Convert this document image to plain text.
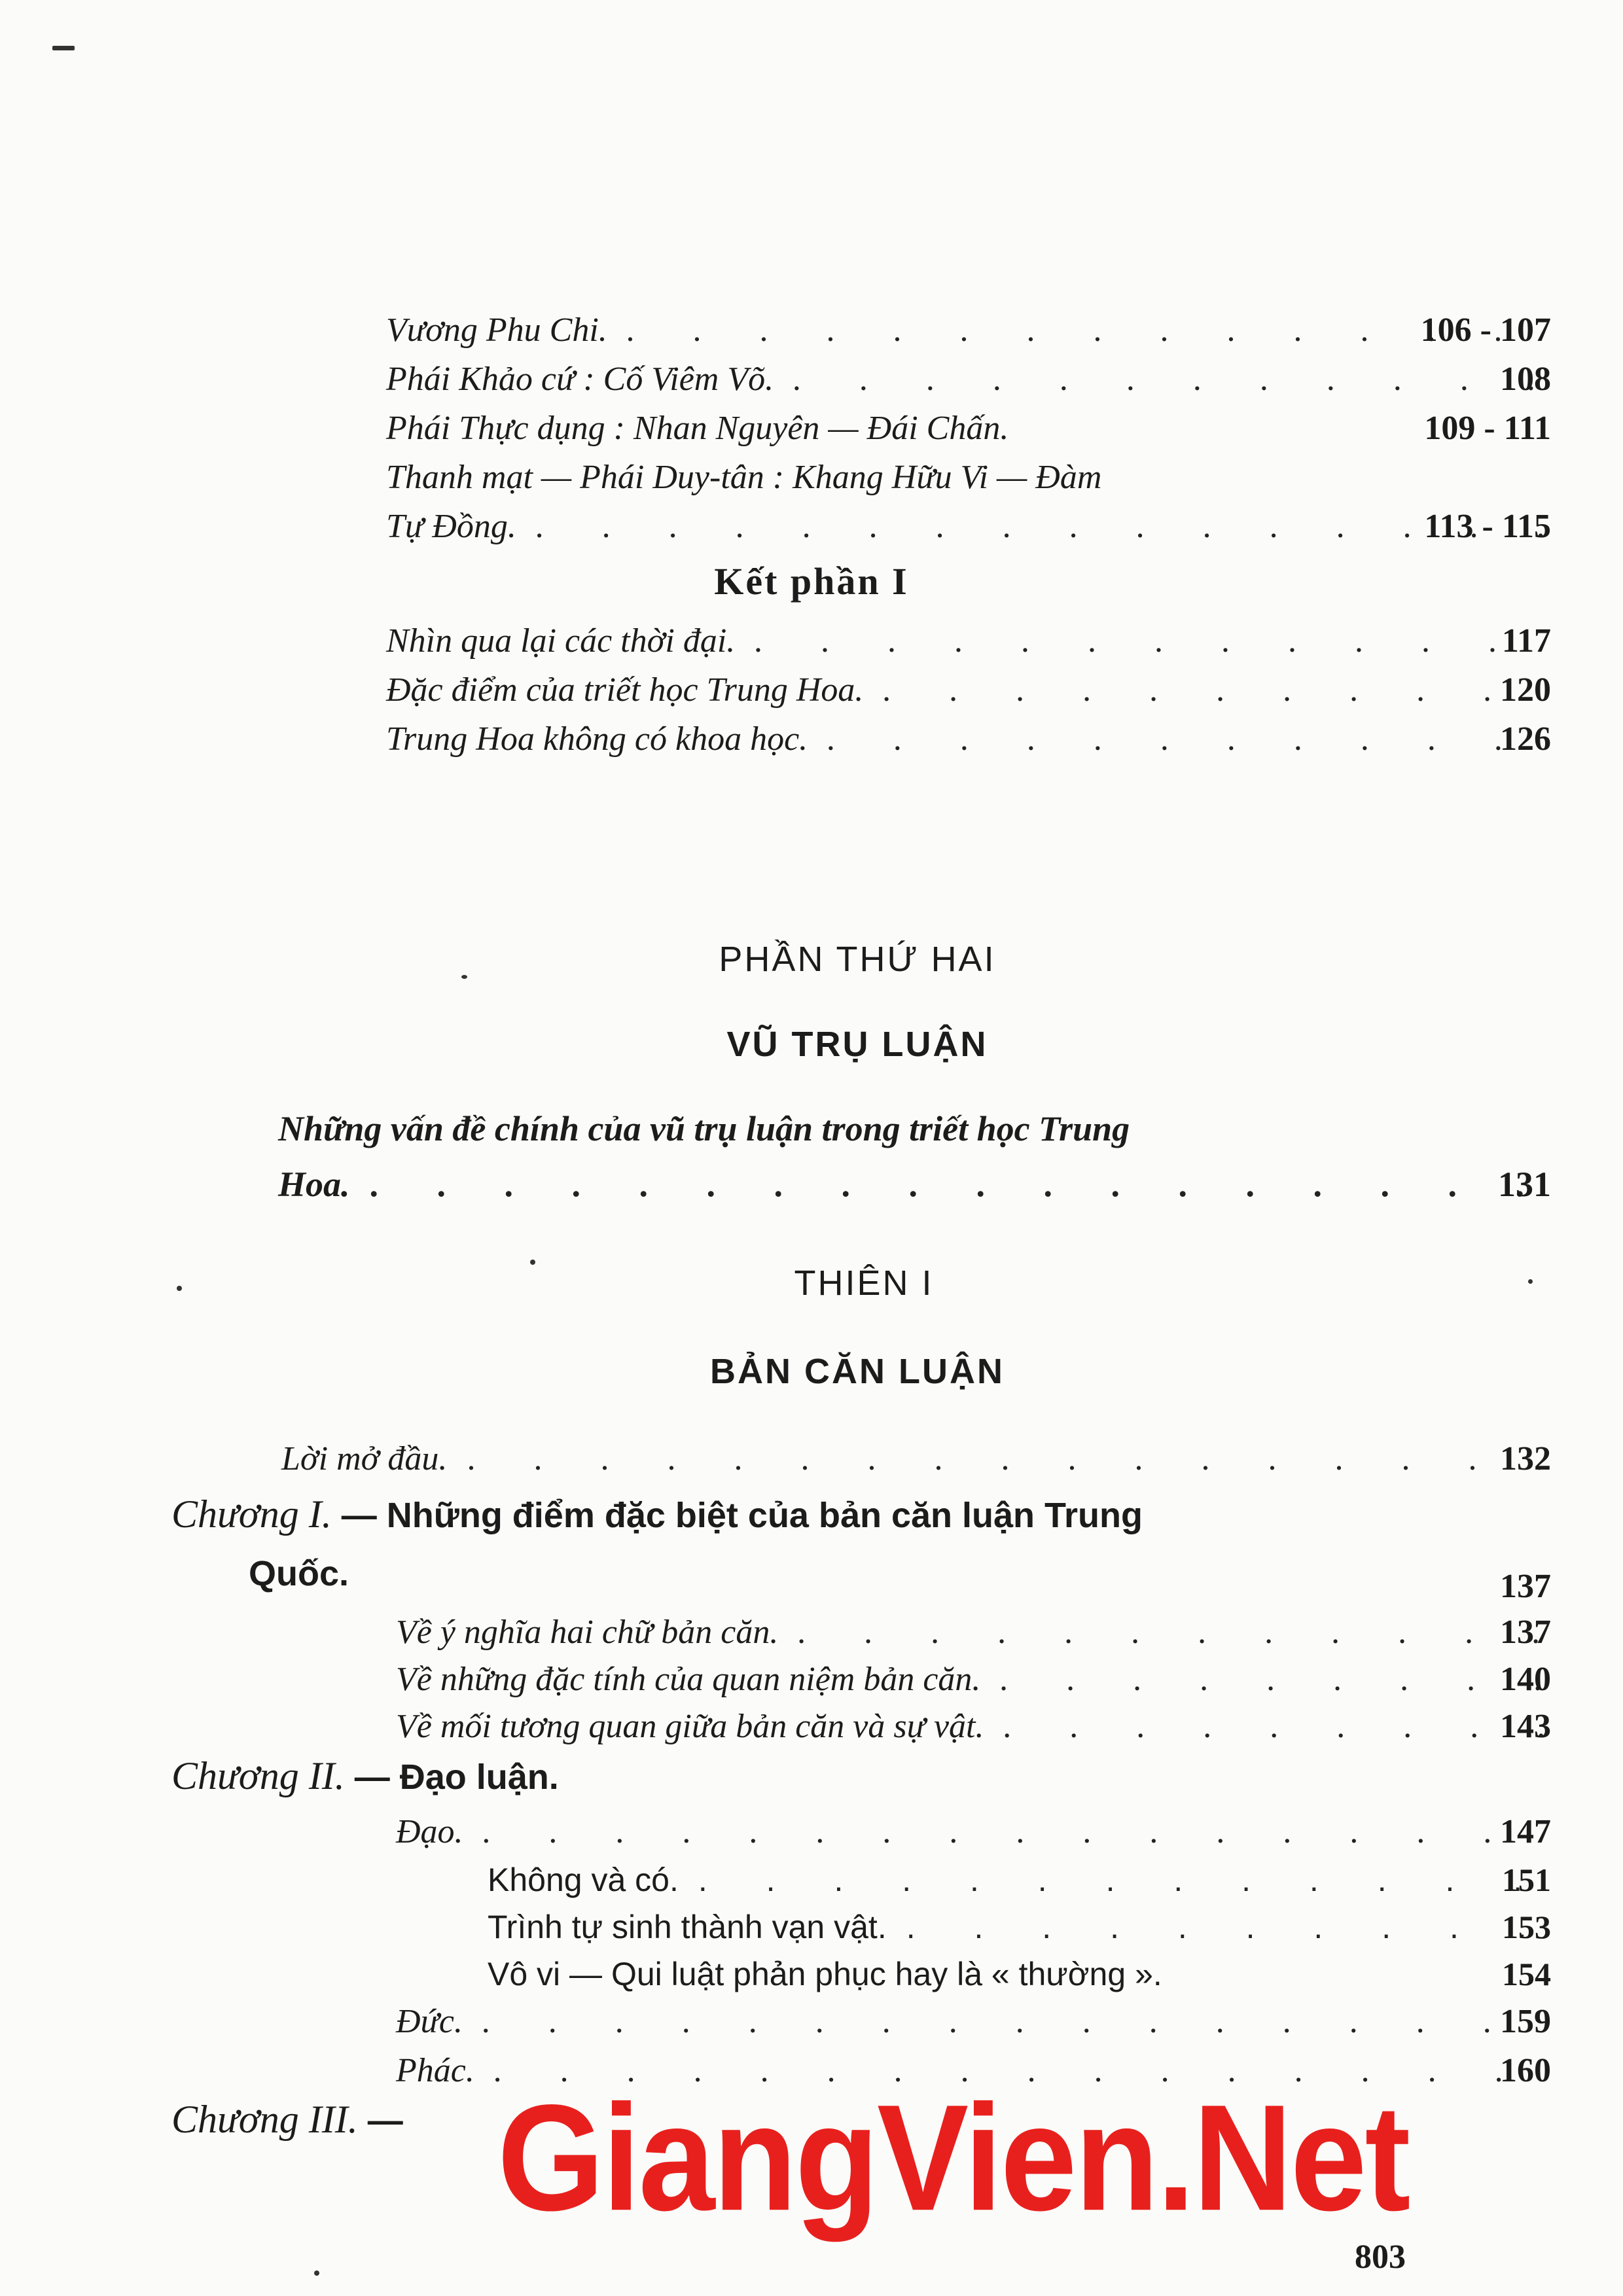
Vương Phu Chi. . . .	106 - 107
Phái Khảo cứ : Cố Viêm Võ. . . .	108
Phái Thực dụng : Nhan Nguyên — Đái Chấn.	109 - 111
Thanh mạt — Phái Duy-tân : Khang Hữu Vi — Đàm
Tự Đồng. . . .	113 - 115
Kết phần I
Nhìn qua lại các thời đại. . . .	117
Đặc điểm của triết học Trung Hoa. . . .	120
Trung Hoa không có khoa học. . . .	126
PHẦN THỨ HAI
VŨ TRỤ LUẬN
Những vấn đề chính của vũ trụ luận trong triết học Trung
Hoa. . . .	131
THIÊN I
BẢN CĂN LUẬN
Lời mở đầu. . . .	132
Chương I. — Những điểm đặc biệt của bản căn luận Trung
Quốc.	137
Về ý nghĩa hai chữ bản căn. . . .	137
Về những đặc tính của quan niệm bản căn. . . .	140
Về mối tương quan giữa bản căn và sự vật. . . .	143
Chương II. — Đạo luận.
Đạo. . . .	147
Không và có. . . .	151
Trình tự sinh thành vạn vật. . . .	153
Vô vi — Qui luật phản phục hay là « thường ».	154
Đức. . . .	159
Phác. . . .	160
Chương III. — GiangVien.Net
803
